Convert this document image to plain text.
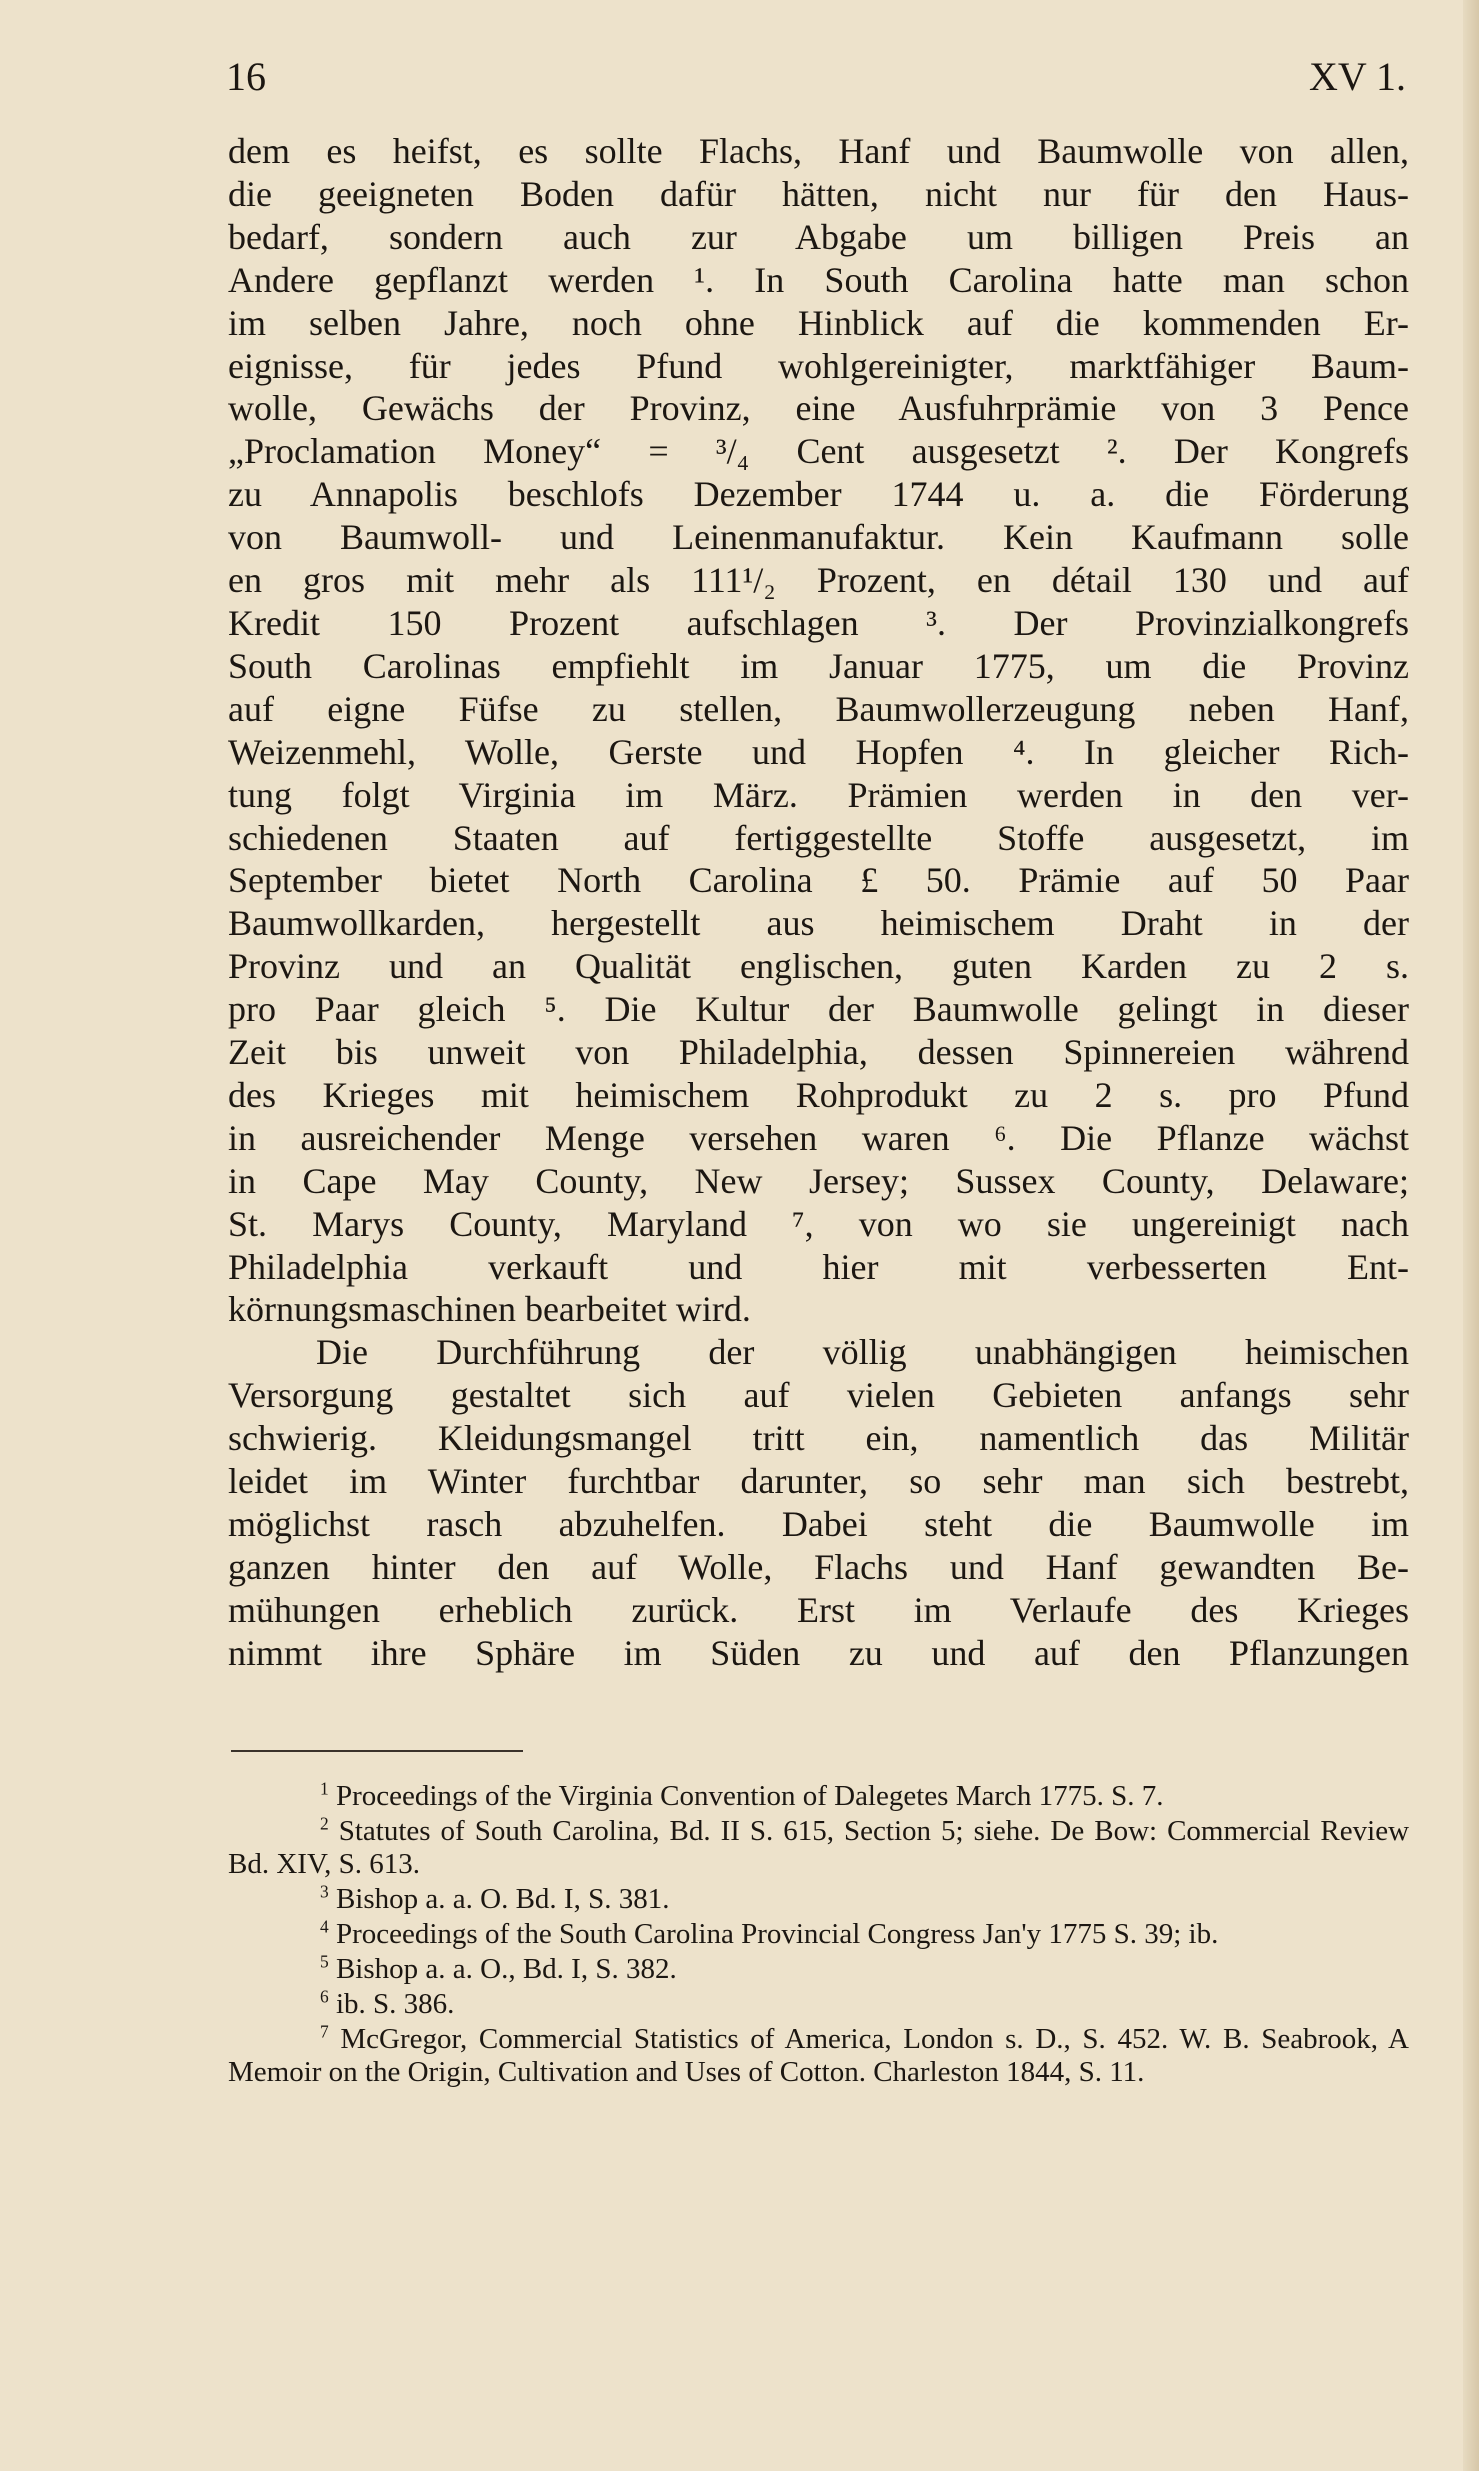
16	XV 1.

dem es heifst, es sollte Flachs, Hanf und Baumwolle von allen,

die geeigneten Boden dafür hätten, nicht nur für den Haus-

bedarf, sondern auch zur Abgabe um billigen Preis an

Andere gepflanzt werden ¹. In South Carolina hatte man schon

im selben Jahre, noch ohne Hinblick auf die kommenden Er-

eignisse, für jedes Pfund wohlgereinigter, marktfähiger Baum-

wolle, Gewächs der Provinz, eine Ausfuhrprämie von 3 Pence

„Proclamation Money“ = ³/₄ Cent ausgesetzt ². Der Kongrefs

zu Annapolis beschlofs Dezember 1744 u. a. die Förderung

von Baumwoll- und Leinenmanufaktur. Kein Kaufmann solle

en gros mit mehr als 111¹/₂ Prozent, en détail 130 und auf

Kredit 150 Prozent aufschlagen ³. Der Provinzialkongrefs

South Carolinas empfiehlt im Januar 1775, um die Provinz

auf eigne Füfse zu stellen, Baumwollerzeugung neben Hanf,

Weizenmehl, Wolle, Gerste und Hopfen ⁴. In gleicher Rich-

tung folgt Virginia im März. Prämien werden in den ver-

schiedenen Staaten auf fertiggestellte Stoffe ausgesetzt, im

September bietet North Carolina £ 50. Prämie auf 50 Paar

Baumwollkarden, hergestellt aus heimischem Draht in der

Provinz und an Qualität englischen, guten Karden zu 2 s.

pro Paar gleich ⁵. Die Kultur der Baumwolle gelingt in dieser

Zeit bis unweit von Philadelphia, dessen Spinnereien während

des Krieges mit heimischem Rohprodukt zu 2 s. pro Pfund

in ausreichender Menge versehen waren ⁶. Die Pflanze wächst

in Cape May County, New Jersey; Sussex County, Delaware;

St. Marys County, Maryland ⁷, von wo sie ungereinigt nach

Philadelphia verkauft und hier mit verbesserten Ent-

körnungsmaschinen bearbeitet wird.

Die Durchführung der völlig unabhängigen heimischen

Versorgung gestaltet sich auf vielen Gebieten anfangs sehr

schwierig. Kleidungsmangel tritt ein, namentlich das Militär

leidet im Winter furchtbar darunter, so sehr man sich bestrebt,

möglichst rasch abzuhelfen. Dabei steht die Baumwolle im

ganzen hinter den auf Wolle, Flachs und Hanf gewandten Be-

mühungen erheblich zurück. Erst im Verlaufe des Krieges

nimmt ihre Sphäre im Süden zu und auf den Pflanzungen

$^1$ Proceedings of the Virginia Convention of Dalegetes March 1775. S. 7.

$^2$ Statutes of South Carolina, Bd. II S. 615, Section 5; siehe. De Bow: Commercial Review Bd. XIV, S. 613.

$^3$ Bishop a. a. O. Bd. I, S. 381.

$^4$ Proceedings of the South Carolina Provincial Congress Jan'y 1775 S. 39; ib.

$^5$ Bishop a. a. O., Bd. I, S. 382.

$^6$ ib. S. 386.

$^7$ McGregor, Commercial Statistics of America, London s. D., S. 452. W. B. Seabrook, A Memoir on the Origin, Cultivation and Uses of Cotton. Charleston 1844, S. 11.
